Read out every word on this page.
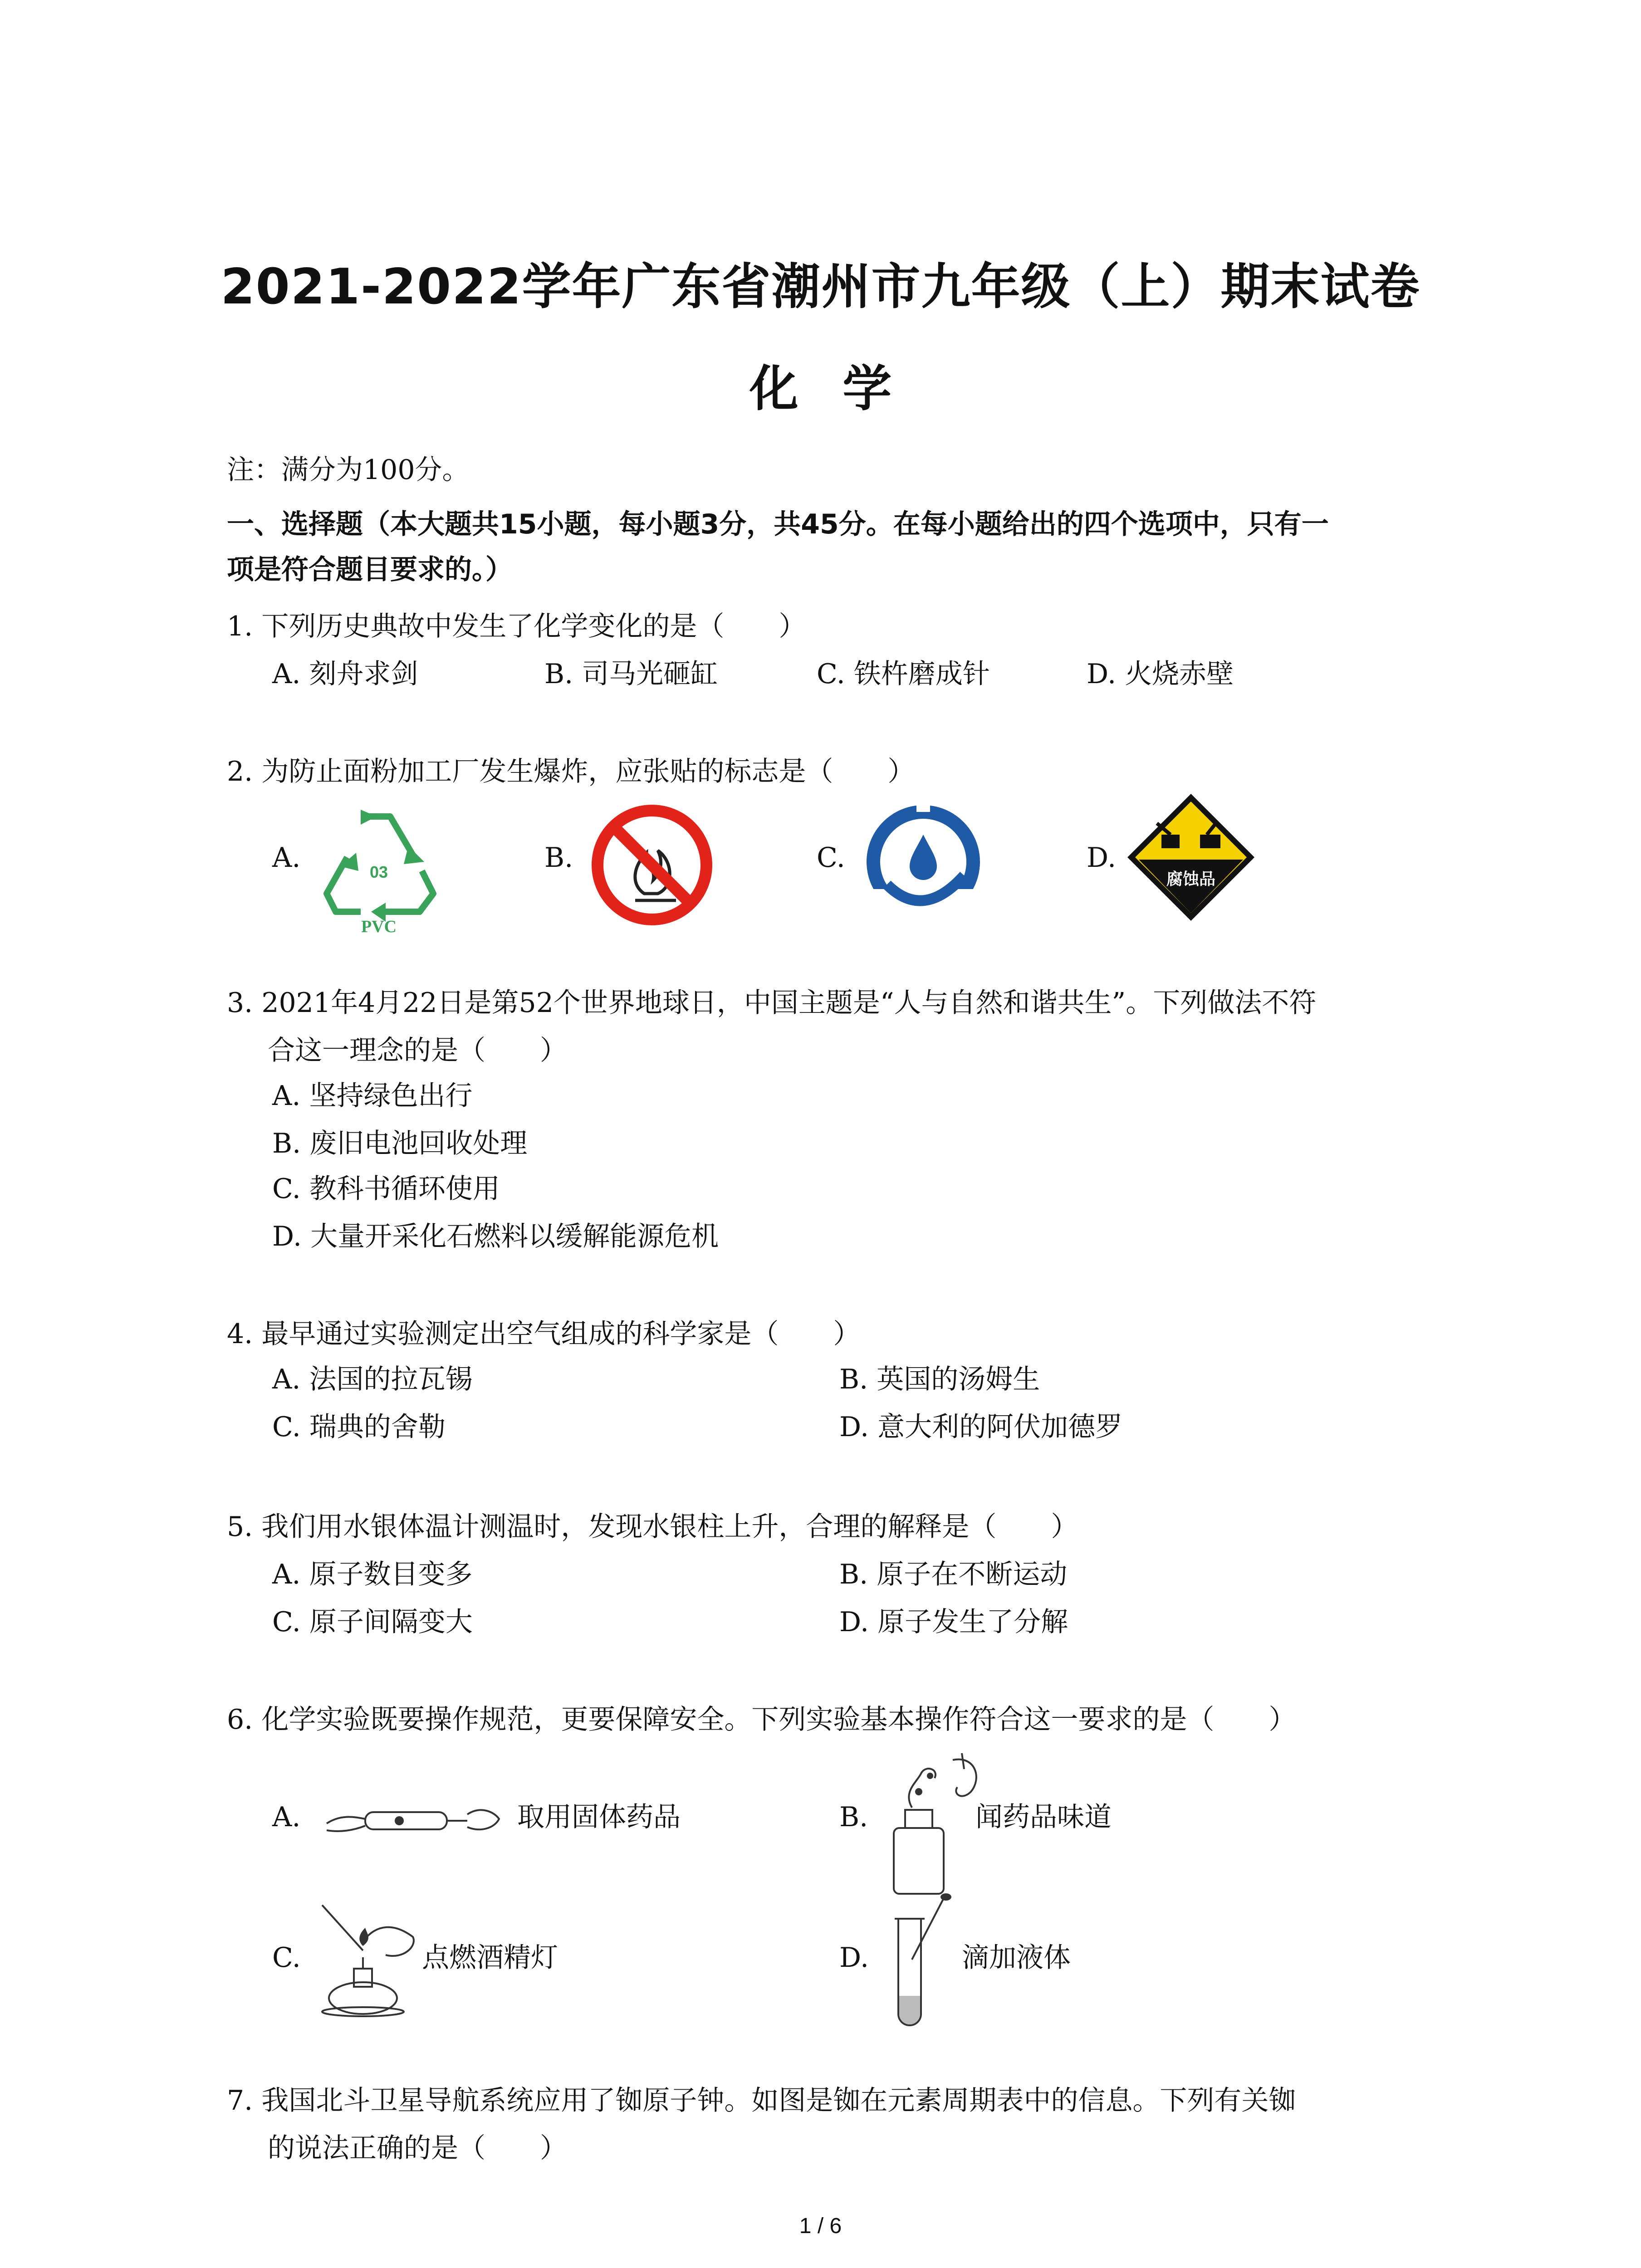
2021-2022学年广东省潮州市九年级（上）期末试卷
化 学
注：满分为100分。
一、选择题（本大题共15小题，每小题3分，共45分。在每小题给出的四个选项中，只有一
项是符合题目要求的。）
1. 下列历史典故中发生了化学变化的是（　　）
A. 刻舟求剑	B. 司马光砸缸	C. 铁杵磨成针	D. 火烧赤壁
2. 为防止面粉加工厂发生爆炸，应张贴的标志是（　　）
A.	B.	C.	D.
03
PVC
腐蚀品
3. 2021年4月22日是第52个世界地球日，中国主题是“人与自然和谐共生”。下列做法不符
合这一理念的是（　　）
A. 坚持绿色出行
B. 废旧电池回收处理
C. 教科书循环使用
D. 大量开采化石燃料以缓解能源危机
4. 最早通过实验测定出空气组成的科学家是（　　）
A. 法国的拉瓦锡	B. 英国的汤姆生
C. 瑞典的舍勒	D. 意大利的阿伏加德罗
5. 我们用水银体温计测温时，发现水银柱上升，合理的解释是（　　）
A. 原子数目变多	B. 原子在不断运动
C. 原子间隔变大	D. 原子发生了分解
6. 化学实验既要操作规范，更要保障安全。下列实验基本操作符合这一要求的是（　　）
A.	取用固体药品	B.	闻药品味道
C.	点燃酒精灯	D.	滴加液体
7. 我国北斗卫星导航系统应用了铷原子钟。如图是铷在元素周期表中的信息。下列有关铷
的说法正确的是（　　）
1 / 6
